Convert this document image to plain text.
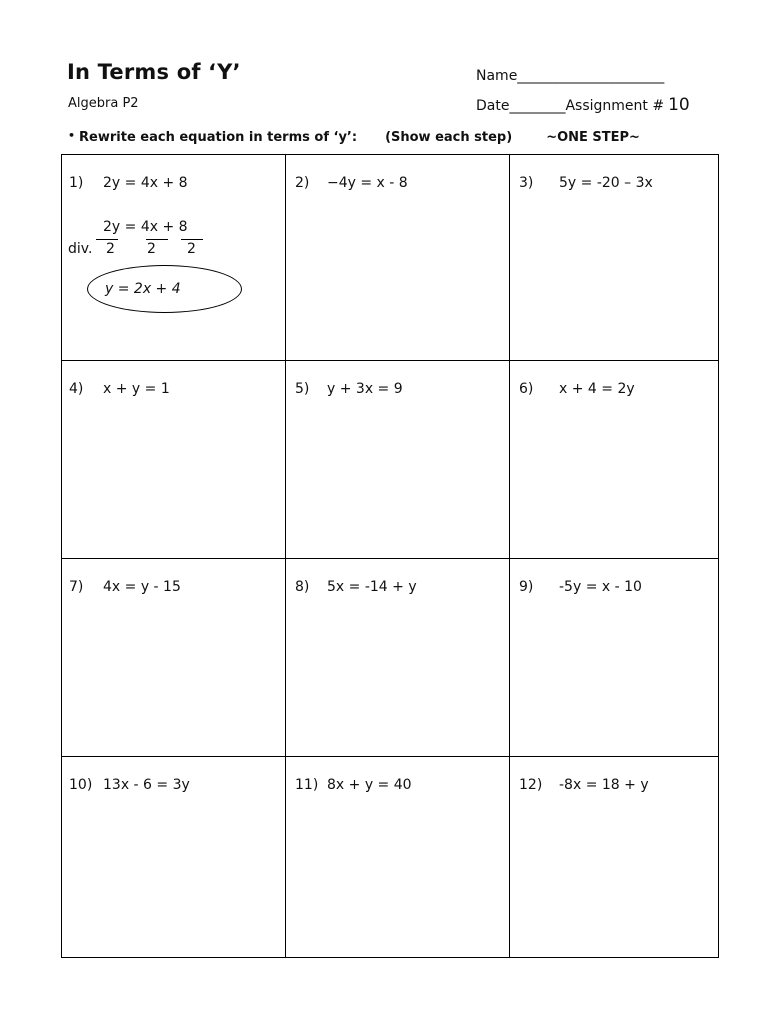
In Terms of ‘Y’
Algebra P2
Name_____________________
Date________Assignment # 10
• Rewrite each equation in terms of ‘y’: (Show each step)	~ONE STEP~
1) 2y = 4x + 8
2y = 4x + 8
div. 2 2 2
y = 2x + 4
2) −4y = x - 8	3) 5y = -20 – 3x
4) x + y = 1	5) y + 3x = 9	6) x + 4 = 2y
7) 4x = y - 15	8) 5x = -14 + y	9) -5y = x - 10
10) 13x - 6 = 3y	11) 8x + y = 40	12) -8x = 18 + y
